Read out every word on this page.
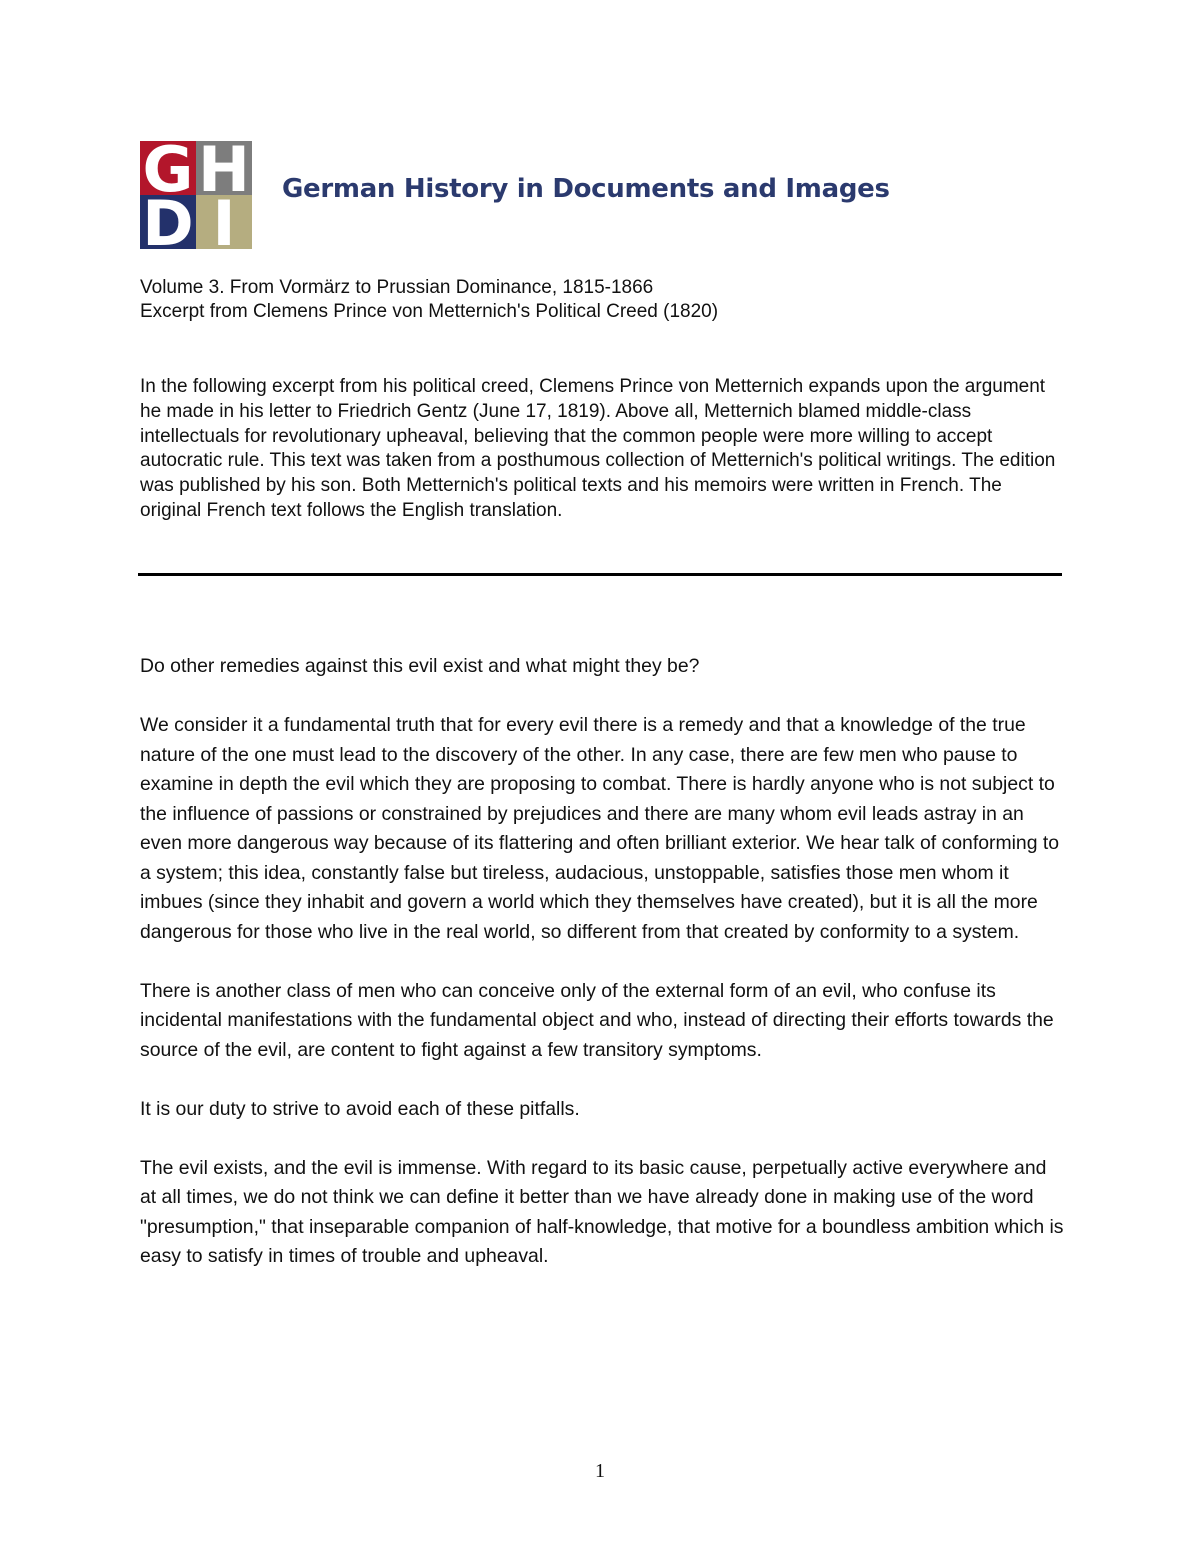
G H
D I	German History in Documents and Images
Volume 3. From Vormärz to Prussian Dominance, 1815-1866
Excerpt from Clemens Prince von Metternich's Political Creed (1820)

In the following excerpt from his political creed, Clemens Prince von Metternich expands upon the argument he made in his letter to Friedrich Gentz (June 17, 1819). Above all, Metternich blamed middle-class intellectuals for revolutionary upheaval, believing that the common people were more willing to accept autocratic rule. This text was taken from a posthumous collection of Metternich's political writings. The edition was published by his son. Both Metternich's political texts and his memoirs were written in French. The original French text follows the English translation.

Do other remedies against this evil exist and what might they be?

We consider it a fundamental truth that for every evil there is a remedy and that a knowledge of the true nature of the one must lead to the discovery of the other. In any case, there are few men who pause to examine in depth the evil which they are proposing to combat. There is hardly anyone who is not subject to the influence of passions or constrained by prejudices and there are many whom evil leads astray in an even more dangerous way because of its flattering and often brilliant exterior. We hear talk of conforming to a system; this idea, constantly false but tireless, audacious, unstoppable, satisfies those men whom it imbues (since they inhabit and govern a world which they themselves have created), but it is all the more dangerous for those who live in the real world, so different from that created by conformity to a system.

There is another class of men who can conceive only of the external form of an evil, who confuse its incidental manifestations with the fundamental object and who, instead of directing their efforts towards the source of the evil, are content to fight against a few transitory symptoms.

It is our duty to strive to avoid each of these pitfalls.

The evil exists, and the evil is immense. With regard to its basic cause, perpetually active everywhere and at all times, we do not think we can define it better than we have already done in making use of the word "presumption," that inseparable companion of half-knowledge, that motive for a boundless ambition which is easy to satisfy in times of trouble and upheaval.

1
